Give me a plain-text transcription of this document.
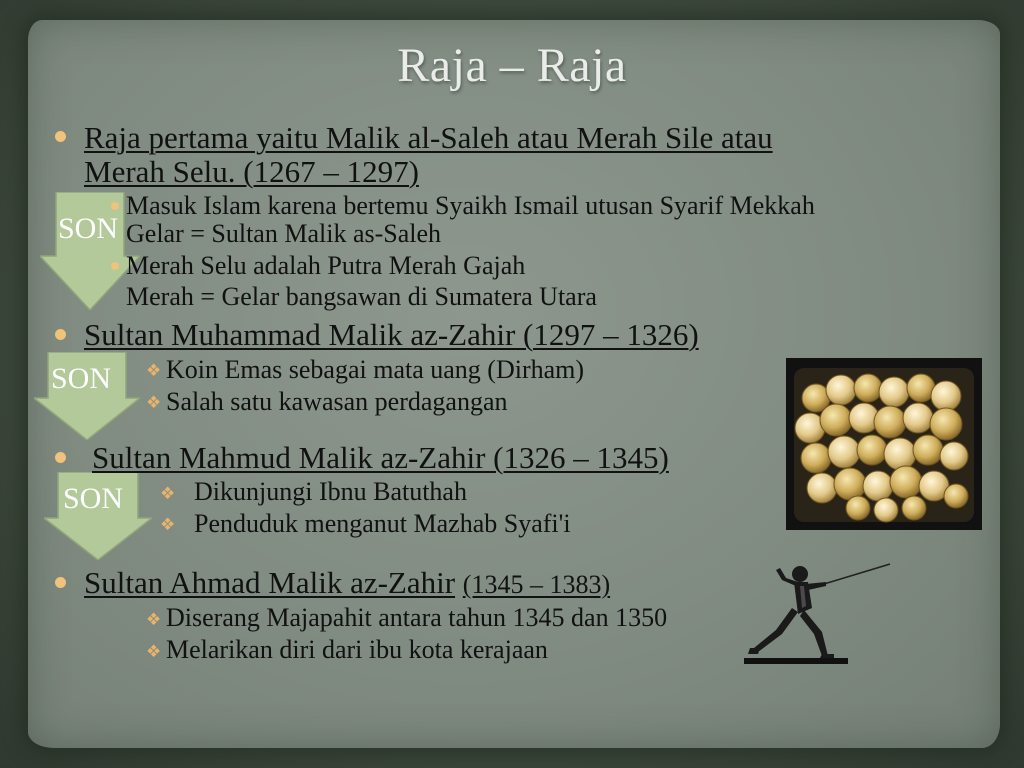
Raja – Raja
SON
SON
SON
Raja pertama yaitu Malik al-Saleh atau Merah Sile atau
Merah Selu. (1267 – 1297)
Masuk Islam karena bertemu Syaikh Ismail utusan Syarif Mekkah
Gelar = Sultan Malik as-Saleh
Merah Selu adalah Putra Merah Gajah
Merah = Gelar bangsawan di Sumatera Utara
Sultan Muhammad Malik az-Zahir (1297 – 1326)
❖ Koin Emas sebagai mata uang (Dirham)
❖ Salah satu kawasan perdagangan
Sultan Mahmud Malik az-Zahir (1326 – 1345)
❖ Dikunjungi Ibnu Batuthah
❖ Penduduk menganut Mazhab Syafi'i
Sultan Ahmad Malik az-Zahir (1345 – 1383)
❖ Diserang Majapahit antara tahun 1345 dan 1350
❖ Melarikan diri dari ibu kota kerajaan
